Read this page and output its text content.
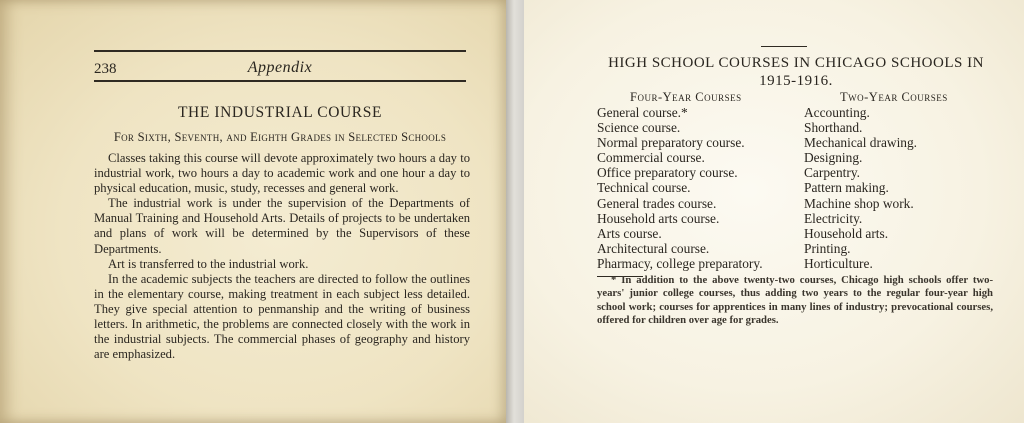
238	Appendix
THE INDUSTRIAL COURSE
For Sixth, Seventh, and Eighth Grades in Selected Schools

Classes taking this course will devote approximately two hours a day to industrial work, two hours a day to academic work and one hour a day to physical education, music, study, recesses and general work.

The industrial work is under the supervision of the Departments of Manual Training and Household Arts. Details of projects to be undertaken and plans of work will be determined by the Supervisors of these Departments.

Art is transferred to the industrial work.

In the academic subjects the teachers are directed to follow the outlines in the elementary course, making treatment in each subject less detailed. They give special attention to penmanship and the writing of business letters. In arithmetic, the problems are connected closely with the work in the industrial subjects. The commercial phases of geography and history are emphasized.

HIGH SCHOOL COURSES IN CHICAGO SCHOOLS IN
1915-1916.
Four-Year Courses	Two-Year Courses
General course.*
Science course.
Normal preparatory course.
Commercial course.
Office preparatory course.
Technical course.
General trades course.
Household arts course.
Arts course.
Architectural course.
Pharmacy, college preparatory.
Accounting.
Shorthand.
Mechanical drawing.
Designing.
Carpentry.
Pattern making.
Machine shop work.
Electricity.
Household arts.
Printing.
Horticulture.

* In addition to the above twenty-two courses, Chicago high schools offer two-years' junior college courses, thus adding two years to the regular four-year high school work; courses for apprentices in many lines of industry; prevocational courses, offered for children over age for grades.
